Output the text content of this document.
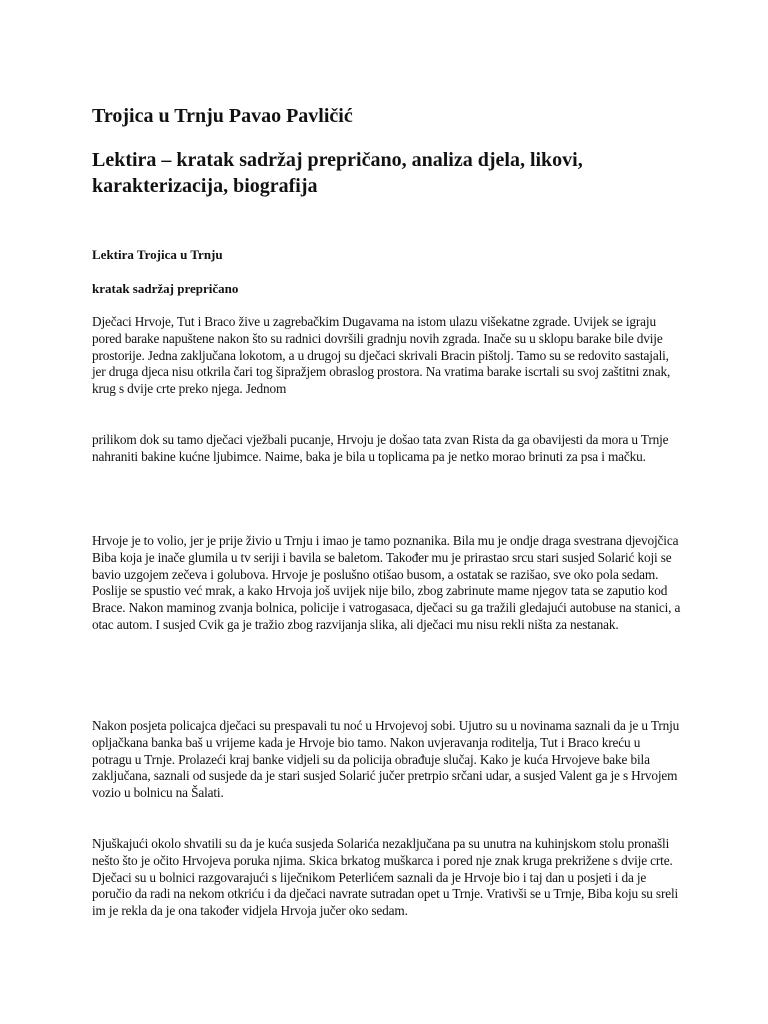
Trojica u Trnju Pavao Pavličić
Lektira – kratak sadržaj prepričano, analiza djela, likovi, karakterizacija, biografija
Lektira Trojica u Trnju
kratak sadržaj prepričano

Dječaci Hrvoje, Tut i Braco žive u zagrebačkim Dugavama na istom ulazu višekatne zgrade. Uvijek se igraju pored barake napuštene nakon što su radnici dovršili gradnju novih zgrada. Inače su u sklopu barake bile dvije prostorije. Jedna zaključana lokotom, a u drugoj su dječaci skrivali Bracin pištolj. Tamo su se redovito sastajali, jer druga djeca nisu otkrila čari tog šipražjem obraslog prostora. Na vratima barake iscrtali su svoj zaštitni znak, krug s dvije crte preko njega. Jednom

prilikom dok su tamo dječaci vježbali pucanje, Hrvoju je došao tata zvan Rista da ga obavijesti da mora u Trnje nahraniti bakine kućne ljubimce. Naime, baka je bila u toplicama pa je netko morao brinuti za psa i mačku.

Hrvoje je to volio, jer je prije živio u Trnju i imao je tamo poznanika. Bila mu je ondje draga svestrana djevojčica Biba koja je inače glumila u tv seriji i bavila se baletom. Također mu je prirastao srcu stari susjed Solarić koji se bavio uzgojem zečeva i golubova. Hrvoje je poslušno otišao busom, a ostatak se razišao, sve oko pola sedam. Poslije se spustio već mrak, a kako Hrvoja još uvijek nije bilo, zbog zabrinute mame njegov tata se zaputio kod Brace. Nakon maminog zvanja bolnica, policije i vatrogasaca, dječaci su ga tražili gledajući autobuse na stanici, a otac autom. I susjed Cvik ga je tražio zbog razvijanja slika, ali dječaci mu nisu rekli ništa za nestanak.

Nakon posjeta policajca dječaci su prespavali tu noć u Hrvojevoj sobi. Ujutro su u novinama saznali da je u Trnju opljačkana banka baš u vrijeme kada je Hrvoje bio tamo. Nakon uvjeravanja roditelja, Tut i Braco kreću u potragu u Trnje. Prolazeći kraj banke vidjeli su da policija obrađuje slučaj. Kako je kuća Hrvojeve bake bila zaključana, saznali od susjede da je stari susjed Solarić jučer pretrpio srčani udar, a susjed Valent ga je s Hrvojem vozio u bolnicu na Šalati.

Njuškajući okolo shvatili su da je kuća susjeda Solarića nezaključana pa su unutra na kuhinjskom stolu pronašli nešto što je očito Hrvojeva poruka njima. Skica brkatog muškarca i pored nje znak kruga prekrižene s dvije crte. Dječaci su u bolnici razgovarajući s liječnikom Peterlićem saznali da je Hrvoje bio i taj dan u posjeti i da je poručio da radi na nekom otkriću i da dječaci navrate sutradan opet u Trnje. Vrativši se u Trnje, Biba koju su sreli im je rekla da je ona također vidjela Hrvoja jučer oko sedam.
